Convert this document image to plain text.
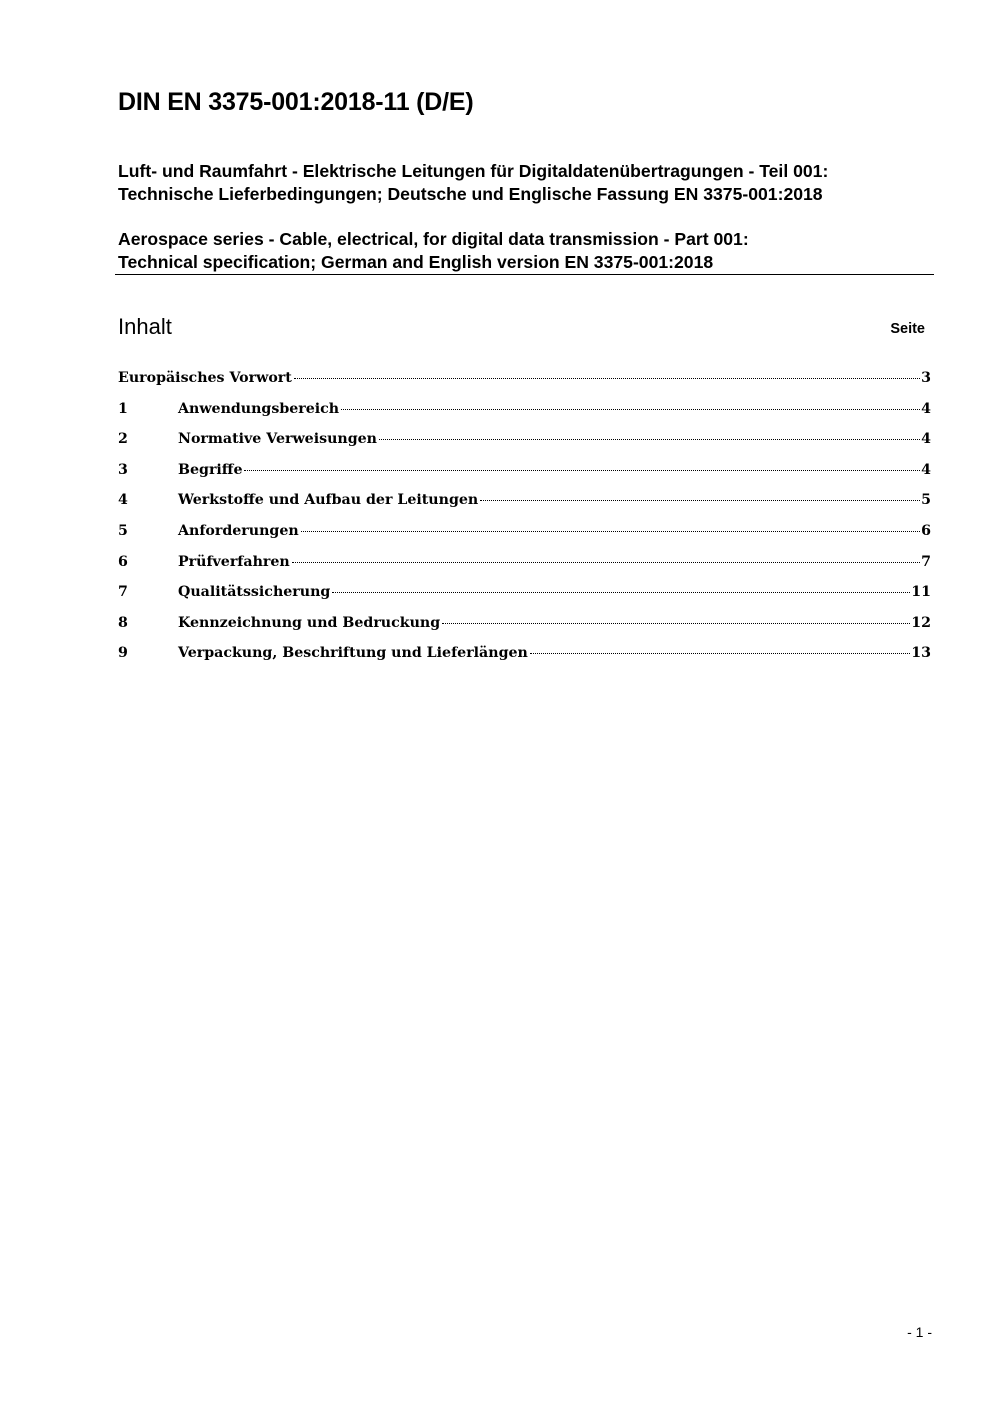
DIN EN 3375-001:2018-11 (D/E)
Luft- und Raumfahrt - Elektrische Leitungen für Digitaldatenübertragungen - Teil 001:
Technische Lieferbedingungen; Deutsche und Englische Fassung EN 3375-001:2018
Aerospace series - Cable, electrical, for digital data transmission - Part 001:
Technical specification; German and English version EN 3375-001:2018
Inhalt	Seite
Europäisches Vorwort	3
1	Anwendungsbereich	4
2	Normative Verweisungen	4
3	Begriffe	4
4	Werkstoffe und Aufbau der Leitungen	5
5	Anforderungen	6
6	Prüfverfahren	7
7	Qualitätssicherung	11
8	Kennzeichnung und Bedruckung	12
9	Verpackung, Beschriftung und Lieferlängen	13
- 1 -
